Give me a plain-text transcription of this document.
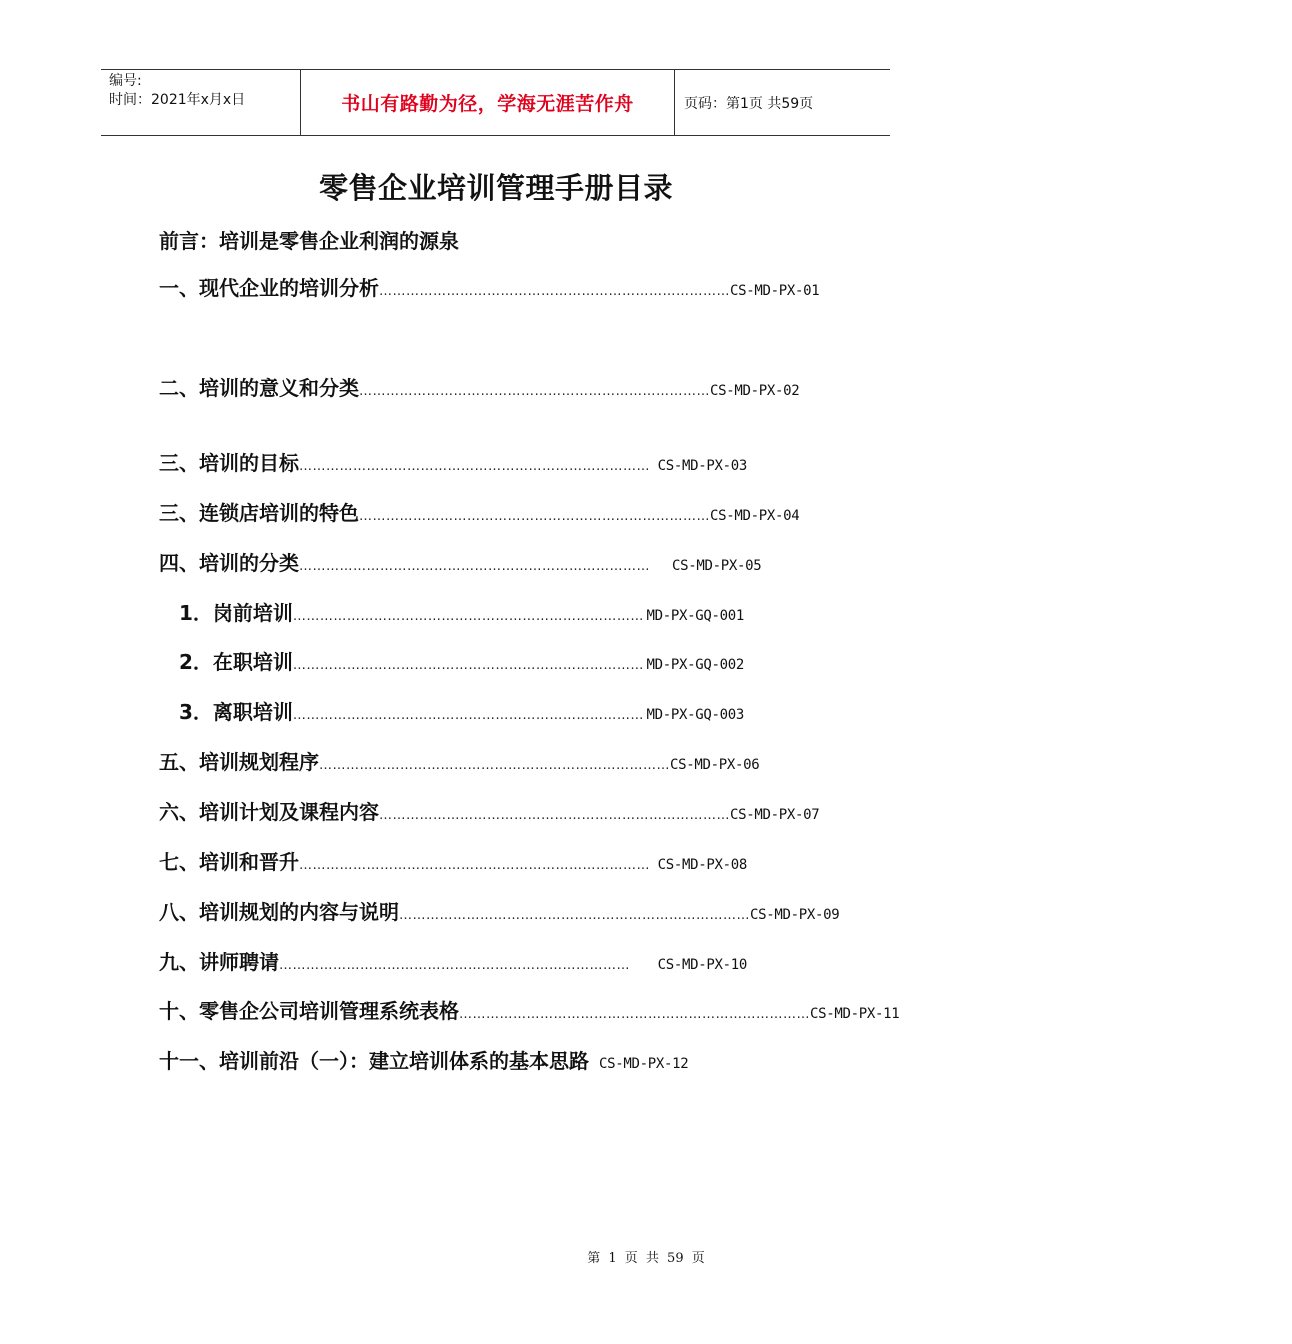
编号:
时间：2021年x月x日	书山有路勤为径，学海无涯苦作舟	页码：第1页 共59页
零售企业培训管理手册目录
前言：培训是零售企业利润的源泉
一、现代企业的培训分析 …………………………………………………………………… CS-MD-PX-01
二、培训的意义和分类 …………………………………………………………………… CS-MD-PX-02
三、培训的目标 …………………………………………………………………… CS-MD-PX-03
三、连锁店培训的特色 …………………………………………………………………… CS-MD-PX-04
四、培训的分类 …………………………………………………………………… CS-MD-PX-05
1．岗前培训 …………………………………………………………………… MD-PX-GQ-001
2．在职培训 …………………………………………………………………… MD-PX-GQ-002
3．离职培训 …………………………………………………………………… MD-PX-GQ-003
五、培训规划程序 …………………………………………………………………… CS-MD-PX-06
六、培训计划及课程内容 …………………………………………………………………… CS-MD-PX-07
七、培训和晋升 …………………………………………………………………… CS-MD-PX-08
八、培训规划的内容与说明 …………………………………………………………………… CS-MD-PX-09
九、讲师聘请 ……………………………………………………………………	CS-MD-PX-10
十、零售企公司培训管理系统表格 …………………………………………………………………… CS-MD-PX-11
十一、培训前沿（一）：建立培训体系的基本思路 CS-MD-PX-12
第 1 页 共 59 页
